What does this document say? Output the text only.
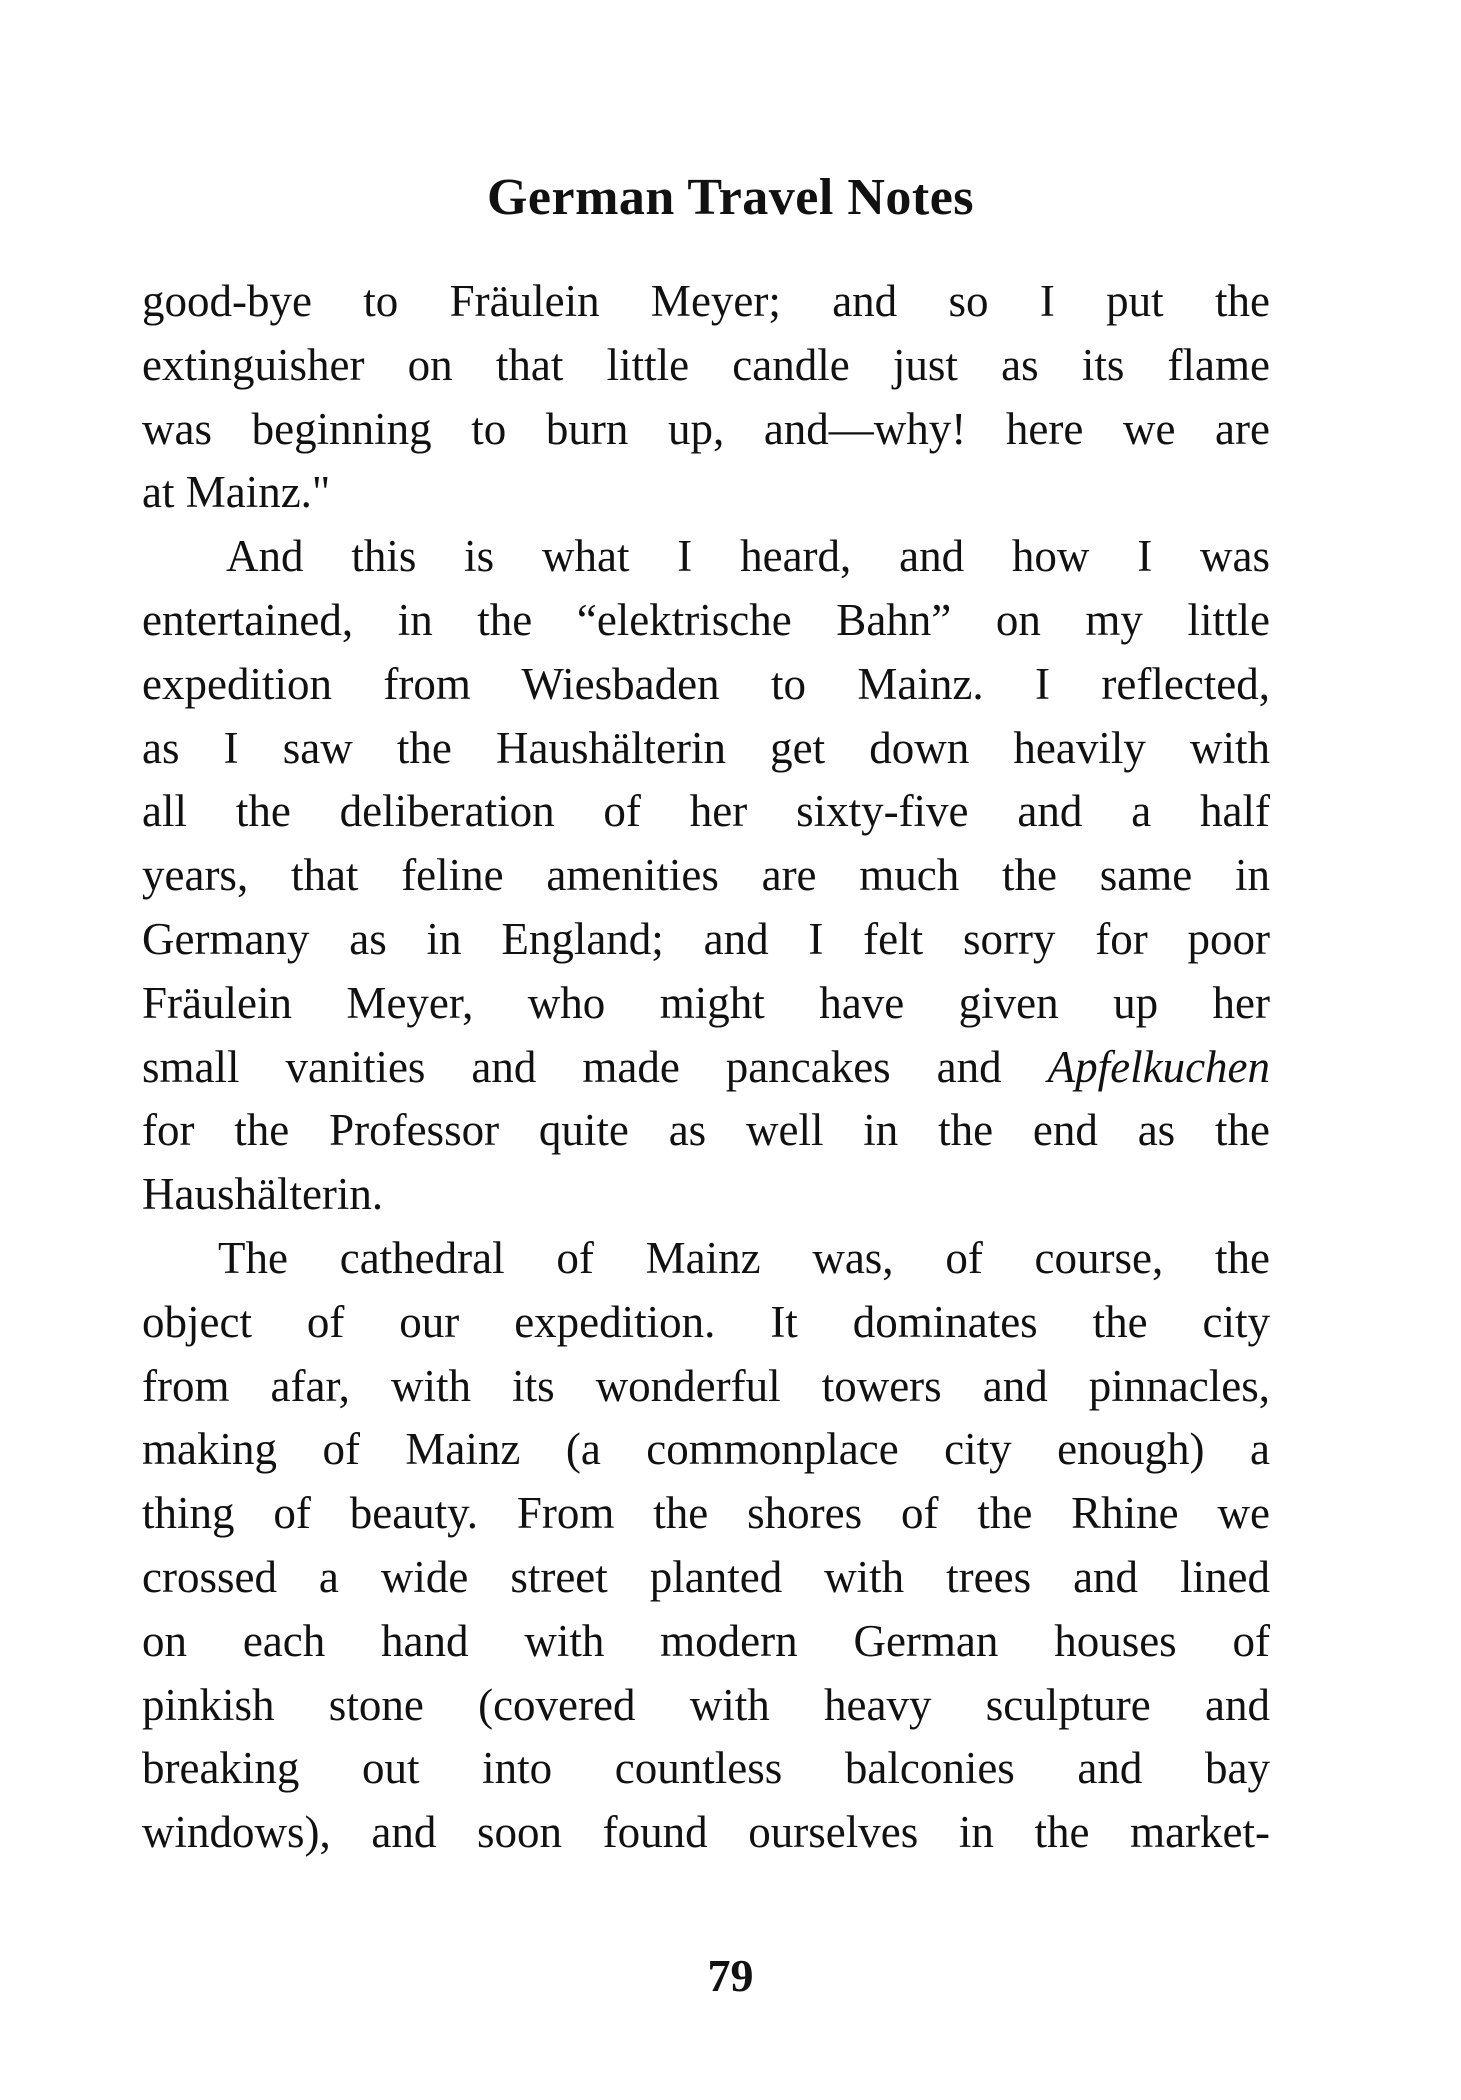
German Travel Notes
good-bye to Fräulein Meyer; and so I put the
extinguisher on that little candle just as its flame
was beginning to burn up, and—why! here we are
at Mainz."
And this is what I heard, and how I was
entertained, in the “elektrische Bahn” on my little
expedition from Wiesbaden to Mainz. I reflected,
as I saw the Haushälterin get down heavily with
all the deliberation of her sixty-five and a half
years, that feline amenities are much the same in
Germany as in England; and I felt sorry for poor
Fräulein Meyer, who might have given up her
small vanities and made pancakes and Apfelkuchen
for the Professor quite as well in the end as the
Haushälterin.
The cathedral of Mainz was, of course, the
object of our expedition. It dominates the city
from afar, with its wonderful towers and pinnacles,
making of Mainz (a commonplace city enough) a
thing of beauty. From the shores of the Rhine we
crossed a wide street planted with trees and lined
on each hand with modern German houses of
pinkish stone (covered with heavy sculpture and
breaking out into countless balconies and bay
windows), and soon found ourselves in the market-
79
